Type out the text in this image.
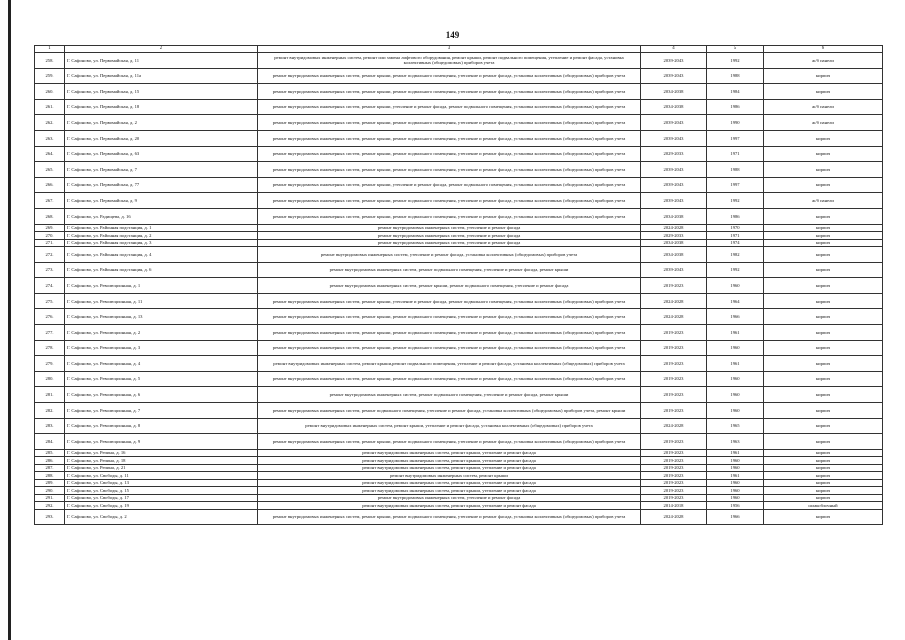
149
1	2	3	4	5	6
258.	Г. Сафоново, ул. Первомайская, д. 11	ремонт внутридомовых инженерных систем, ремонт или замена лифтового оборудования, ремонт крыши, ремонт подвального помещения, утепление и ремонт фасада, установка коллективных (общедомовых) приборов учета	2039-2043	1992	ж/б панели
259.	Г. Сафоново, ул. Первомайская, д. 11а	ремонт внутридомовых инженерных систем, ремонт крыши, ремонт подвального помещения, утепление и ремонт фасада, установка коллективных (общедомовых) приборов учета	2039-2043	1988	кирпич
260.	Г. Сафоново, ул. Первомайская, д. 15	ремонт внутридомовых инженерных систем, ремонт крыши, ремонт подвального помещения, утепление и ремонт фасада, установка коллективных (общедомовых) приборов учета	2034-2038	1984	кирпич
261.	Г. Сафоново, ул. Первомайская, д. 18	ремонт внутридомовых инженерных систем, ремонт крыши, утепление и ремонт фасада, ремонт подвального помещения, установка коллективных (общедомовых) приборов учета	2034-2038	1986	ж/б панели
262.	Г. Сафоново, ул. Первомайская, д. 2	ремонт внутридомовых инженерных систем, ремонт крыши, ремонт подвального помещения, утепление и ремонт фасада, установка коллективных (общедомовых) приборов учета	2039-2043	1990	ж/б панели
263.	Г. Сафоново, ул. Первомайская, д. 20	ремонт внутридомовых инженерных систем, ремонт крыши, ремонт подвального помещения, утепление и ремонт фасада, установка коллективных (общедомовых) приборов учета	2039-2043	1997	кирпич
264.	Г. Сафоново, ул. Первомайская, д. 63	ремонт внутридомовых инженерных систем, ремонт крыши, ремонт подвального помещения, утепление и ремонт фасада, установка коллективных (общедомовых) приборов учета	2029-2033	1971	кирпич
265.	Г. Сафоново, ул. Первомайская, д. 7	ремонт внутридомовых инженерных систем, ремонт крыши, ремонт подвального помещения, утепление и ремонт фасада, установка коллективных (общедомовых) приборов учета	2039-2043	1988	кирпич
266.	Г. Сафоново, ул. Первомайская, д. 77	ремонт внутридомовых инженерных систем, ремонт крыши, утепление и ремонт фасада, ремонт подвального помещения, установка коллективных (общедомовых) приборов учета	2039-2043	1997	кирпич
267.	Г. Сафоново, ул. Первомайская, д. 9	ремонт внутридомовых инженерных систем, ремонт крыши, ремонт подвального помещения, утепление и ремонт фасада, установка коллективных (общедомовых) приборов учета	2039-2043	1992	ж/б панели
268.	Г. Сафоново, ул. Радищева, д. 16	ремонт внутридомовых инженерных систем, ремонт крыши, ремонт подвального помещения, утепление и ремонт фасада, установка коллективных (общедомовых) приборов учета	2034-2038	1986	кирпич
269.	Г. Сафоново, ул. Районная подстанция, д. 1	ремонт внутридомовых инженерных систем, утепление и ремонт фасада	2024-2028	1970	кирпич
270.	Г. Сафоново, ул. Районная подстанция, д. 2	ремонт внутридомовых инженерных систем, утепление и ремонт фасада	2029-2033	1971	кирпич
271.	Г. Сафоново, ул. Районная подстанция, д. 3	ремонт внутридомовых инженерных систем, утепление и ремонт фасада	2034-2038	1974	кирпич
272.	Г. Сафоново, ул. Районная подстанция, д. 4	ремонт внутридомовых инженерных систем, утепление и ремонт фасада, установка коллективных (общедомовых) приборов учета	2034-2038	1982	кирпич
273.	Г. Сафоново, ул. Районная подстанция, д. 6	ремонт внутридомовых инженерных систем, ремонт подвального помещения, утепление и ремонт фасада, ремонт крыши	2039-2043	1992	кирпич
274.	Г. Сафоново, ул. Революционная, д. 1	ремонт внутридомовых инженерных систем, ремонт крыши, ремонт подвального помещения, утепление и ремонт фасада	2019-2023	1960	кирпич
275.	Г. Сафоново, ул. Революционная, д. 11	ремонт внутридомовых инженерных систем, ремонт крыши, утепление и ремонт фасада, ремонт подвального помещения, установка коллективных (общедомовых) приборов учета	2024-2028	1964	кирпич
276.	Г. Сафоново, ул. Революционная, д. 13	ремонт внутридомовых инженерных систем, ремонт крыши, ремонт подвального помещения, утепление и ремонт фасада, установка коллективных (общедомовых) приборов учета	2024-2028	1966	кирпич
277.	Г. Сафоново, ул. Революционная, д. 2	ремонт внутридомовых инженерных систем, ремонт крыши, ремонт подвального помещения, утепление и ремонт фасада, установка коллективных (общедомовых) приборов учета	2019-2023	1961	кирпич
278.	Г. Сафоново, ул. Революционная, д. 3	ремонт внутридомовых инженерных систем, ремонт крыши, ремонт подвального помещения, утепление и ремонт фасада, установка коллективных (общедомовых) приборов учета	2019-2023	1960	кирпич
279.	Г. Сафоново, ул. Революционная, д. 4	ремонт внутридомовых инженерных систем, ремонт крыши,ремонт подвального помещения, утепление и ремонт фасада, установка коллективных (общедомовых) приборов учета	2019-2023	1961	кирпич
280.	Г. Сафоново, ул. Революционная, д. 5	ремонт внутридомовых инженерных систем, ремонт крыши, ремонт подвального помещения, утепление и ремонт фасада, установка коллективных (общедомовых) приборов учета	2019-2023	1960	кирпич
281.	Г. Сафоново, ул. Революционная, д. 6	ремонт внутридомовых инженерных систем, ремонт подвального помещения, утепление и ремонт фасада, ремонт крыши	2019-2023	1960	кирпич
282.	Г. Сафоново, ул. Революционная, д. 7	ремонт внутридомовых инженерных систем, ремонт подвального помещения, утепление и ремонт фасада, установка коллективных (общедомовых) приборов учета, ремонт крыши	2019-2023	1960	кирпич
283.	Г. Сафоново, ул. Революционная, д. 8	ремонт внутридомовых инженерных систем, ремонт крыши, утепление и ремонт фасада, установка коллективных (общедомовых) приборов учета	2024-2028	1965	кирпич
284.	Г. Сафоново, ул. Революционная, д. 9	ремонт внутридомовых инженерных систем, ремонт крыши, ремонт подвального помещения, утепление и ремонт фасада, установка коллективных (общедомовых) приборов учета	2019-2023	1963	кирпич
285.	Г. Сафоново, ул. Репина, д. 16	ремонт внутридомовых инженерных систем, ремонт крыши, утепление и ремонт фасада	2019-2023	1961	кирпич
286.	Г. Сафоново, ул. Репина, д. 18	ремонт внутридомовых инженерных систем, ремонт крыши, утепление и ремонт фасада	2019-2023	1960	кирпич
287.	Г. Сафоново, ул. Репина, д. 21	ремонт внутридомовых инженерных систем, ремонт крыши, утепление и ремонт фасада	2019-2023	1960	кирпич
288.	Г. Сафоново, ул. Свободы, д. 11	ремонт внутридомовых инженерных систем, ремонт крыши	2019-2023	1961	кирпич
289.	Г. Сафоново, ул. Свободы, д. 13	ремонт внутридомовых инженерных систем, ремонт крыши, утепление и ремонт фасада	2019-2023	1960	кирпич
290.	Г. Сафоново, ул. Свободы, д. 15	ремонт внутридомовых инженерных систем, ремонт крыши, утепление и ремонт фасада	2019-2023	1960	кирпич
291.	Г. Сафоново, ул. Свободы, д. 17	ремонт внутридомовых инженерных систем, утепление и ремонт фасада	2019-2023	1960	кирпич
292.	Г. Сафоново, ул. Свободы, д. 19	ремонт внутридомовых инженерных систем, ремонт крыши, утепление и ремонт фасада	2014-2018	1956	шлакоблочный
293.	Г. Сафоново, ул. Свободы, д. 2	ремонт внутридомовых инженерных систем, ремонт крыши, ремонт подвального помещения, утепление и ремонт фасада, установка коллективных (общедомовых) приборов учета	2024-2028	1966	кирпич
